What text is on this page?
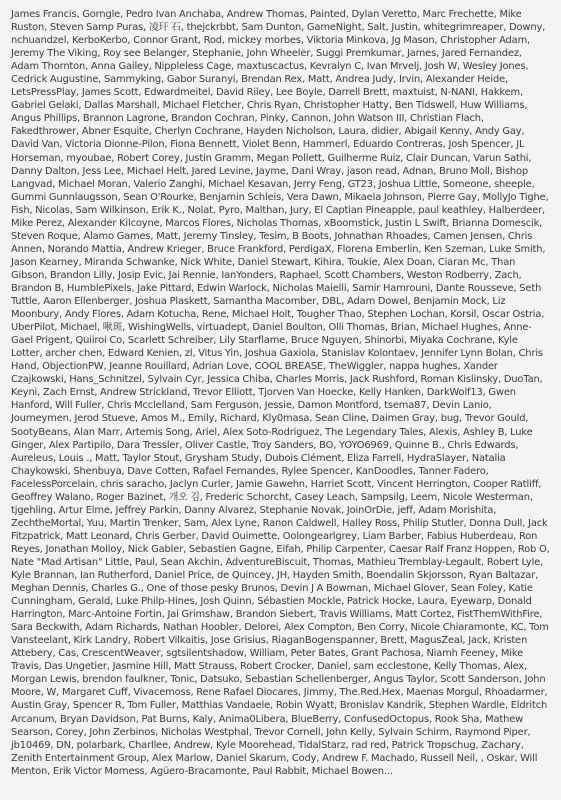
James Francis, Gorngle, Pedro Ivan Anchaba, Andrew Thomas, Painted, Dylan Veretto, Marc Frechette, Mike Ruston, Steven Samp Puras, 凌玕 石, thejckrbbt, Sam Dunton, GameNight, Salt, Justin, whitegrimreaper, Downy, nchuandzel, KerboKerbo, Connor Grant, Rod, mickey morbes, Viktoria Minkova, Jg Mason, Christopher Adam, Jeremy The Viking, Roy see Belanger, Stephanie, John Wheeler, Suggi Premkumar, James, Jared Fernandez, Adam Thornton, Anna Gailey, Nippleless Cage, maxtuscactus, Kevralyn C, Ivan Mrvelj, Josh W, Wesley Jones, Cedrick Augustine, Sammyking, Gabor Suranyi, Brendan Rex, Matt, Andrea Judy, Irvin, Alexander Heide, LetsPressPlay, James Scott, Edwardmeitel, David Riley, Lee Boyle, Darrell Brett, maxtuist, N-NANI, Hakkem, Gabriel Gelaki, Dallas Marshall, Michael Fletcher, Chris Ryan, Christopher Hatty, Ben Tidswell, Huw Williams, Angus Phillips, Brannon Lagrone, Brandon Cochran, Pinky, Cannon, John Watson III, Christian Flach, Fakedthrower, Abner Esquite, Cherlyn Cochrane, Hayden Nicholson, Laura, didier, Abigail Kenny, Andy Gay, David Van, Victoria Dionne-Pilon, Fiona Bennett, Violet Benn, Hammerl, Eduardo Contreras, Josh Spencer, JL Horseman, myoubae, Robert Corey, Justin Gramm, Megan Pollett, Guilherme Ruiz, Clair Duncan, Varun Sathi, Danny Dalton, Jess Lee, Michael Helt, Jared Levine, Jayme, Dani Wray, jason read, Adnan, Bruno Moll, Bishop Langvad, Michael Moran, Valerio Zanghi, Michael Kesavan, Jerry Feng, GT23, Joshua Little, Someone, sheeple, Gummi Gunnlaugsson, Sean O'Rourke, Benjamin Schleis, Vera Dawn, Mikaela Johnson, Pierre Gay, MollyJo Tighe, Fish, Nicolas, Sam Wilkinson, Erik K., Nolat, Pyro, Malthan, Jury, El Captian Pineapple, paul keathley, Halberdeer, Mike Perez, Alexander Kilcoyne, Marcos Flores, Nicholas Thomas, xBoomstick, Justin L Swift, Brianna Domescik, Steven Roque, Alamo Games, Matt, Jeremy Tinsley, Tesim, B Boots, Johnathan Rhoades, Camen Jensen, Chris Annen, Norando Mattia, Andrew Krieger, Bruce Frankford, PerdigaX, Florena Emberlin, Ken Szeman, Luke Smith, Jason Kearney, Miranda Schwanke, Nick White, Daniel Stewart, Kihira, Toukie, Alex Doan, Ciaran Mc, Than Gibson, Brandon Lilly, Josip Evic, Jai Rennie, IanYonders, Raphael, Scott Chambers, Weston Rodberry, Zach, Brandon B, HumblePixels, Jake Pittard, Edwin Warlock, Nicholas Maielli, Samir Hamrouni, Dante Rousseve, Seth Tuttle, Aaron Ellenberger, Joshua Plaskett, Samantha Macomber, DBL, Adam Dowel, Benjamin Mock, Liz Moonbury, Andy Flores, Adam Kotucha, Rene, Michael Holt, Tougher Thao, Stephen Lochan, Korsil, Oscar Ostria, UberPilot, Michael, 啾斑, WishingWells, virtuadept, Daniel Boulton, Olli Thomas, Brian, Michael Hughes, Anne-Gael Prigent, Quiiroi Co, Scarlett Schreiber, Lily Starflame, Bruce Nguyen, Shinorbi, Miyaka Cochrane, Kyle Lotter, archer chen, Edward Kenien, zl, Vitus Yin, Joshua Gaxiola, Stanislav Kolontaev, Jennifer Lynn Bolan, Chris Hand, ObjectionPW, Jeanne Rouillard, Adrian Love, COOL BREASE, TheWiggler, nappa hughes, Xander Czajkowski, Hans_Schnitzel, Sylvain Cyr, Jessica Chiba, Charles Morris, Jack Rushford, Roman Kislinsky, DuoTan, Keyni, Zach Ernst, Andrew Strickland, Trevor Elliott, Tjorven Van Hoecke, Kelly Hanken, DarkWolf13, Gwen Hanford, Will Fuller, Chris Mcclelland, Sam Ferguson, Jessie, Damon Montford, tsema87, Devin Lanio, Journeymen, Jerod Stueve, Amos M., Emily, Richard, Kly0masa, Sean Cline, Daimen Gray, bug, Trevor Gould, SootyBeans, Alan Marr, Artemis Song, Ariel, Alex Soto-Rodriguez, The Legendary Tales, Alexis, Ashley B, Luke Ginger, Alex Partipilo, Dara Tressler, Oliver Castle, Troy Sanders, BO, YOYO6969, Quinne B., Chris Edwards, Aureleus, Louis ., Matt, Taylor Stout, Grysham Study, Dubois Clément, Eliza Farrell, HydraSlayer, Natalia Chaykowski, Shenbuya, Dave Cotten, Rafael Fernandes, Rylee Spencer, KanDoodles, Tanner Fadero, FacelessPorcelain, chris saracho, Jaclyn Curler, Jamie Gawehn, Harriet Scott, Vincent Herrington, Cooper Ratliff, Geoffrey Walano, Roger Bazinet, 개오 김, Frederic Schorcht, Casey Leach, Sampsilg, Leem, Nicole Westerman, tjgehling, Artur Elme, Jeffrey Parkin, Danny Alvarez, Stephanie Novak, JoinOrDie, jeff, Adam Morishita, ZechtheMortal, Yuu, Martin Trenker, Sam, Alex Lyne, Ranon Caldwell, Halley Ross, Philip Stutler, Donna Dull, Jack Fitzpatrick, Matt Leonard, Chris Gerber, David Ouimette, Oolongearlgrey, Liam Barber, Fabius Huberdeau, Ron Reyes, Jonathan Molloy, Nick Gabler, Sebastien Gagne, Eifah, Philip Carpenter, Caesar Ralf Franz Hoppen, Rob O, Nate "Mad Artisan" Little, Paul, Sean Akchin, AdventureBiscuit, Thomas, Mathieu Tremblay-Legault, Robert Lyle, Kyle Brannan, Ian Rutherford, Daniel Price, de Quincey, JH, Hayden Smith, Boendalin Skjorsson, Ryan Baltazar, Meghan Dennis, Charles G., One of those pesky Brunos, Devin J A Bowman, Michael Glover, Sean Foley, Katie Cunningham, Gerald, Luke Philp-Hines, Josh Quinn, Sébastien Mockle, Patrick Hocke, Laura, Eyewarp, Donald Harrington, Marc-Antoine Fortin, Jai Grimshaw, Brandon Siebert, Travis Williams, Matt Cortez, FistThemWithFire, Sara Beckwith, Adam Richards, Nathan Hoobler, Delorei, Alex Compton, Ben Corry, Nicole Chiaramonte, KC, Tom Vansteelant, Kirk Landry, Robert Vilkaitis, Jose Grisius, RiaganBogenspanner, Brett, MagusZeal, Jack, Kristen Attebery, Cas, CrescentWeaver, sgtsilentshadow, William, Peter Bates, Grant Pachosa, Niamh Feeney, Mike Travis, Das Ungetier, Jasmine Hill, Matt Strauss, Robert Crocker, Daniel, sam ecclestone, Kelly Thomas, Alex, Morgan Lewis, brendon faulkner, Tonic, Datsuko, Sebastian Schellenberger, Angus Taylor, Scott Sanderson, John Moore, W, Margaret Cuff, Vivacemoss, Rene Rafael Diocares, Jimmy, The.Red.Hex, Maenas Morgul, Rhoadarmer, Austin Gray, Spencer R, Tom Fuller, Matthias Vandaele, Robin Wyatt, Bronislav Kandrik, Stephen Wardle, Eldritch Arcanum, Bryan Davidson, Pat Burns, Kaly, Anima0Libera, BlueBerry, ConfusedOctopus, Rook Sha, Mathew Searson, Corey, John Zerbinos, Nicholas Westphal, Trevor Cornell, John Kelly, Sylvain Schirm, Raymond Piper, jb10469, DN, polarbark, Charllee, Andrew, Kyle Moorehead, TidalStarz, rad red, Patrick Tropschug, Zachary, Zenith Entertainment Group, Alex Marlow, Daniel Skarum, Cody, Andrew F. Machado, Russell Neil, , Oskar, Will Menton, Erik Victor Morness, Agüero-Bracamonte, Paul Rabbit, Michael Bowen...
